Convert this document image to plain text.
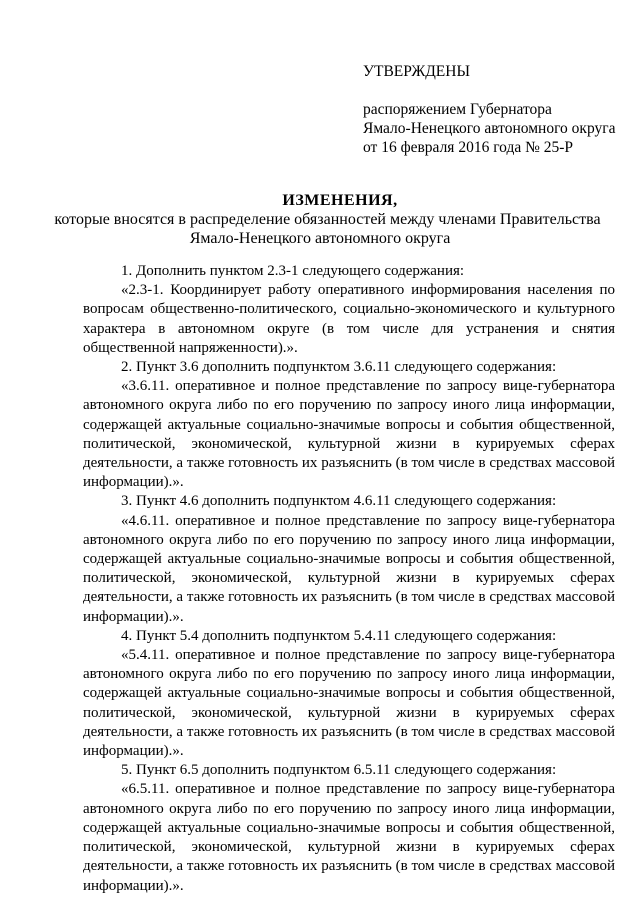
УТВЕРЖДЕНЫ
распоряжением Губернатора
Ямало-Ненецкого автономного округа
от 16 февраля 2016 года № 25-Р
ИЗМЕНЕНИЯ,
которые вносятся в распределение обязанностей между членами Правительства
Ямало-Ненецкого автономного округа

1. Дополнить пунктом 2.3-1 следующего содержания:

«2.3-1. Координирует работу оперативного информирования населения по вопросам общественно-политического, социально-экономического и культурного характера в автономном округе (в том числе для устранения и снятия общественной напряженности).».

2. Пункт 3.6 дополнить подпунктом 3.6.11 следующего содержания:

«3.6.11. оперативное и полное представление по запросу вице-губернатора автономного округа либо по его поручению по запросу иного лица информации, содержащей актуальные социально-значимые вопросы и события общественной, политической, экономической, культурной жизни в курируемых сферах деятельности, а также готовность их разъяснить (в том числе в средствах массовой информации).».

3. Пункт 4.6 дополнить подпунктом 4.6.11 следующего содержания:

«4.6.11. оперативное и полное представление по запросу вице-губернатора автономного округа либо по его поручению по запросу иного лица информации, содержащей актуальные социально-значимые вопросы и события общественной, политической, экономической, культурной жизни в курируемых сферах деятельности, а также готовность их разъяснить (в том числе в средствах массовой информации).».

4. Пункт 5.4 дополнить подпунктом 5.4.11 следующего содержания:

«5.4.11. оперативное и полное представление по запросу вице-губернатора автономного округа либо по его поручению по запросу иного лица информации, содержащей актуальные социально-значимые вопросы и события общественной, политической, экономической, культурной жизни в курируемых сферах деятельности, а также готовность их разъяснить (в том числе в средствах массовой информации).».

5. Пункт 6.5 дополнить подпунктом 6.5.11 следующего содержания:

«6.5.11. оперативное и полное представление по запросу вице-губернатора автономного округа либо по его поручению по запросу иного лица информации, содержащей актуальные социально-значимые вопросы и события общественной, политической, экономической, культурной жизни в курируемых сферах деятельности, а также готовность их разъяснить (в том числе в средствах массовой информации).».
